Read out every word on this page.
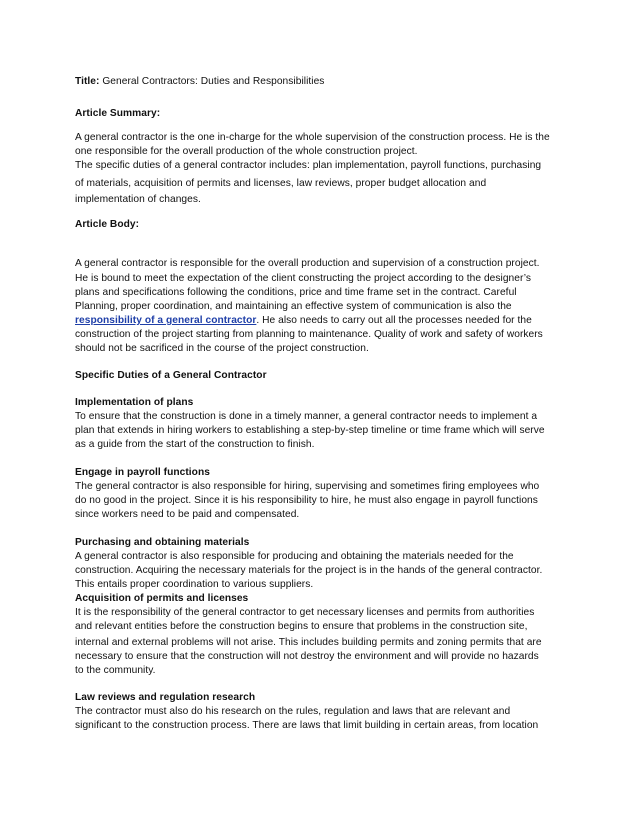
Title: General Contractors: Duties and Responsibilities
Article Summary:
A general contractor is the one in-charge for the whole supervision of the construction process. He is the
one responsible for the overall production of the whole construction project.
The specific duties of a general contractor includes: plan implementation, payroll functions, purchasing
of materials, acquisition of permits and licenses, law reviews, proper budget allocation and
implementation of changes.
Article Body:
A general contractor is responsible for the overall production and supervision of a construction project.
He is bound to meet the expectation of the client constructing the project according to the designer’s
plans and specifications following the conditions, price and time frame set in the contract. Careful
Planning, proper coordination, and maintaining an effective system of communication is also the
responsibility of a general contractor. He also needs to carry out all the processes needed for the
construction of the project starting from planning to maintenance. Quality of work and safety of workers
should not be sacrificed in the course of the project construction.
Specific Duties of a General Contractor
Implementation of plans
To ensure that the construction is done in a timely manner, a general contractor needs to implement a
plan that extends in hiring workers to establishing a step-by-step timeline or time frame which will serve
as a guide from the start of the construction to finish.
Engage in payroll functions
The general contractor is also responsible for hiring, supervising and sometimes firing employees who
do no good in the project. Since it is his responsibility to hire, he must also engage in payroll functions
since workers need to be paid and compensated.
Purchasing and obtaining materials
A general contractor is also responsible for producing and obtaining the materials needed for the
construction. Acquiring the necessary materials for the project is in the hands of the general contractor.
This entails proper coordination to various suppliers.
Acquisition of permits and licenses
It is the responsibility of the general contractor to get necessary licenses and permits from authorities
and relevant entities before the construction begins to ensure that problems in the construction site,
internal and external problems will not arise. This includes building permits and zoning permits that are
necessary to ensure that the construction will not destroy the environment and will provide no hazards
to the community.
Law reviews and regulation research
The contractor must also do his research on the rules, regulation and laws that are relevant and
significant to the construction process. There are laws that limit building in certain areas, from location
